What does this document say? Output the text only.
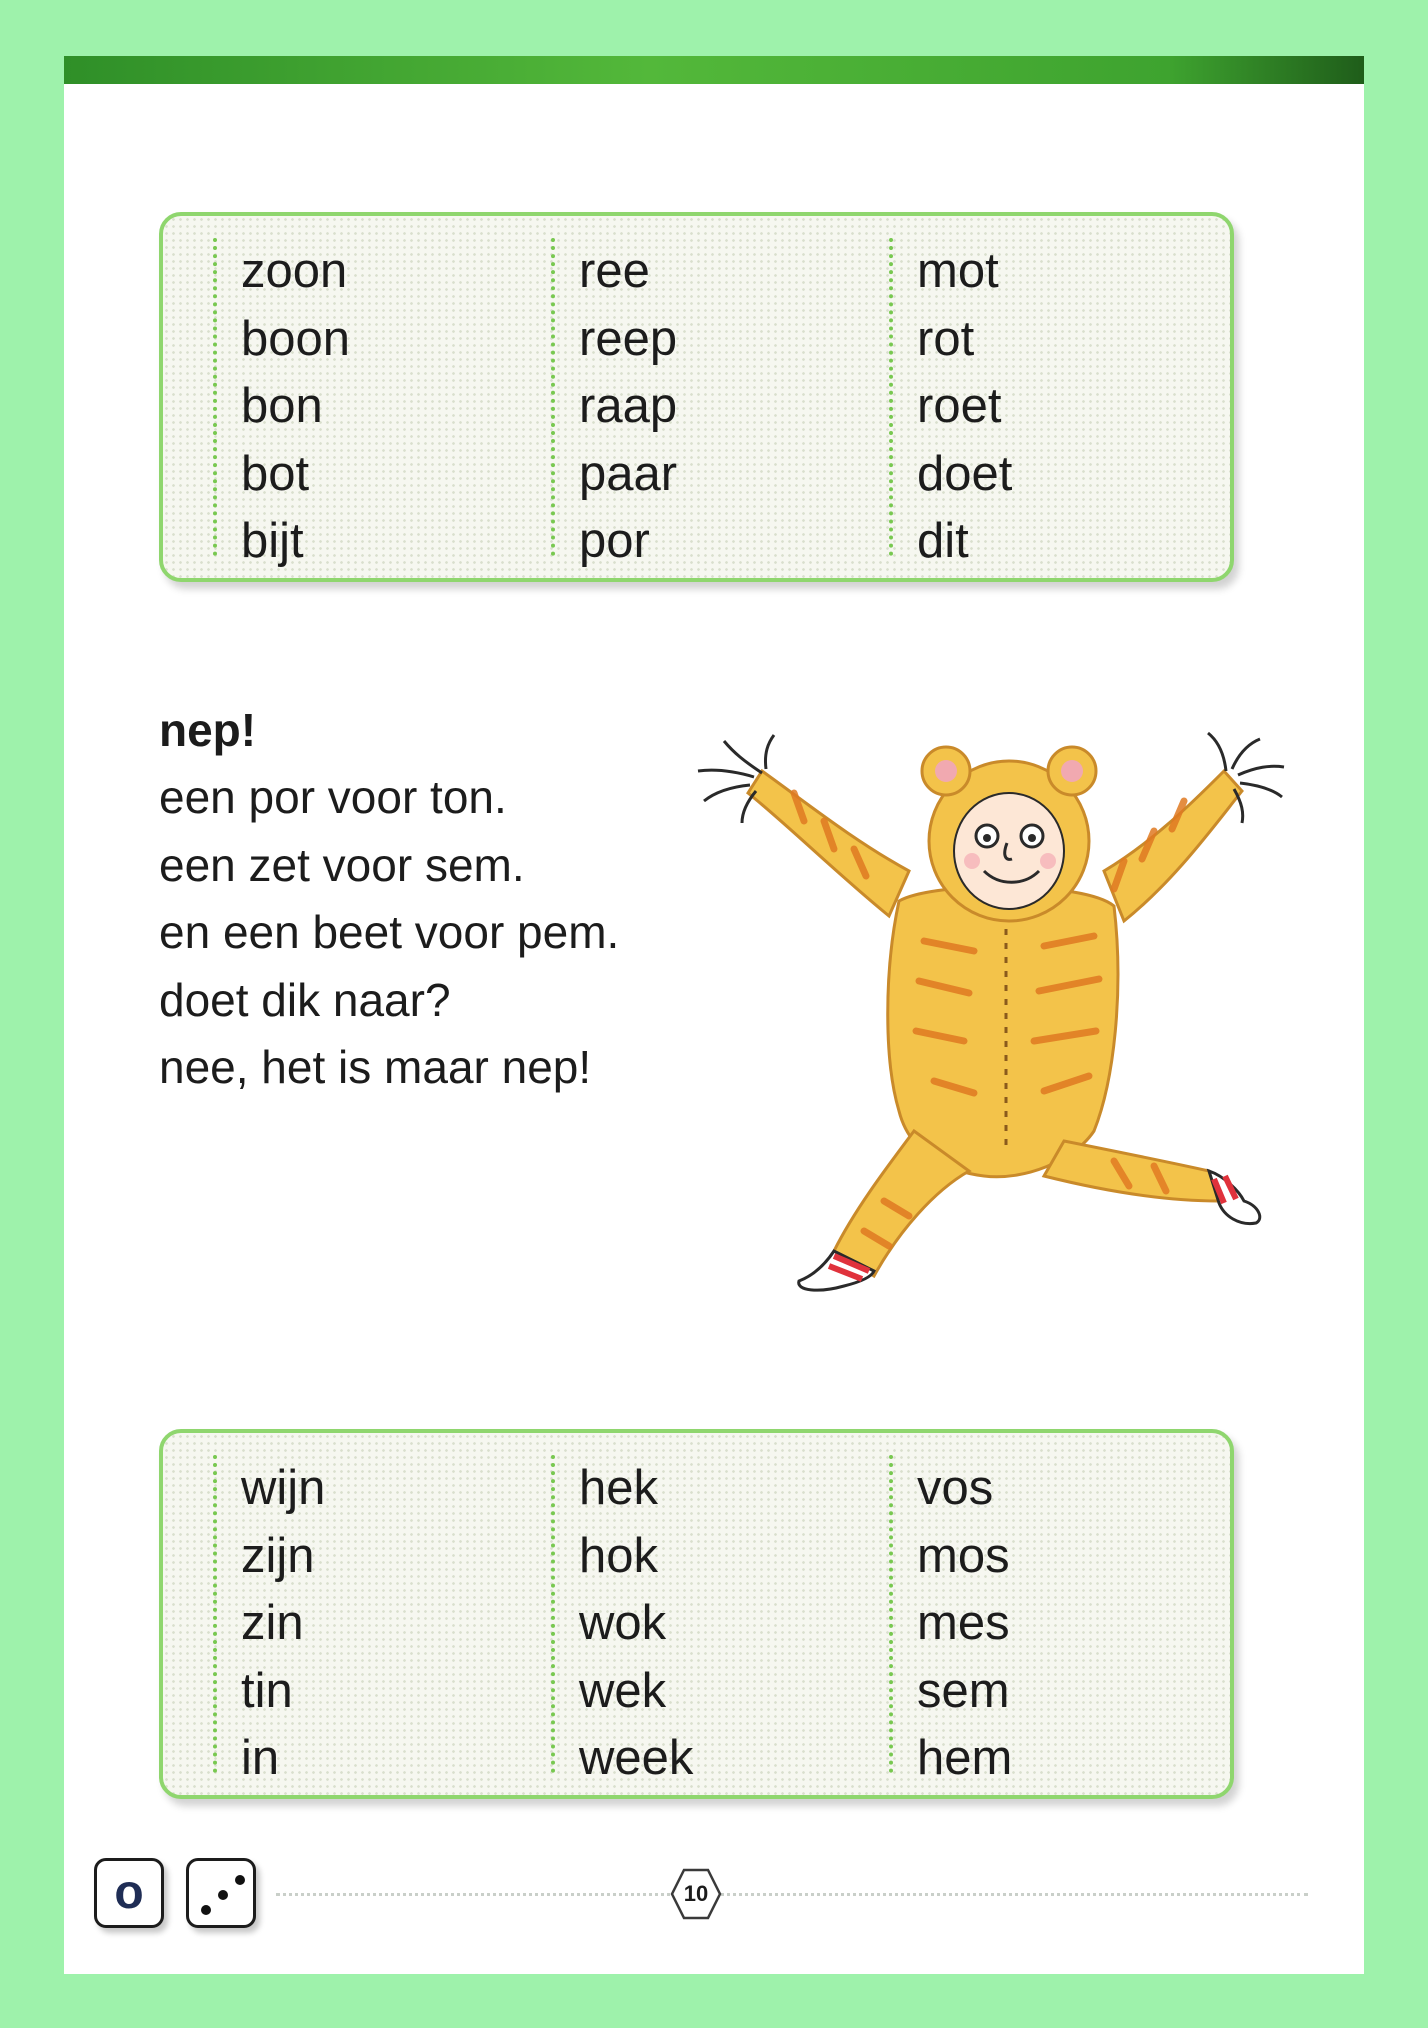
zoon
boon
bon
bot
bijt
ree
reep
raap
paar
por
mot
rot
roet
doet
dit
nep!
een por voor ton.
een zet voor sem.
en een beet voor pem.
doet dik naar?
nee, het is maar nep!
wijn
zijn
zin
tin
in
hek
hok
wok
wek
week
vos
mos
mes
sem
hem
o	10
